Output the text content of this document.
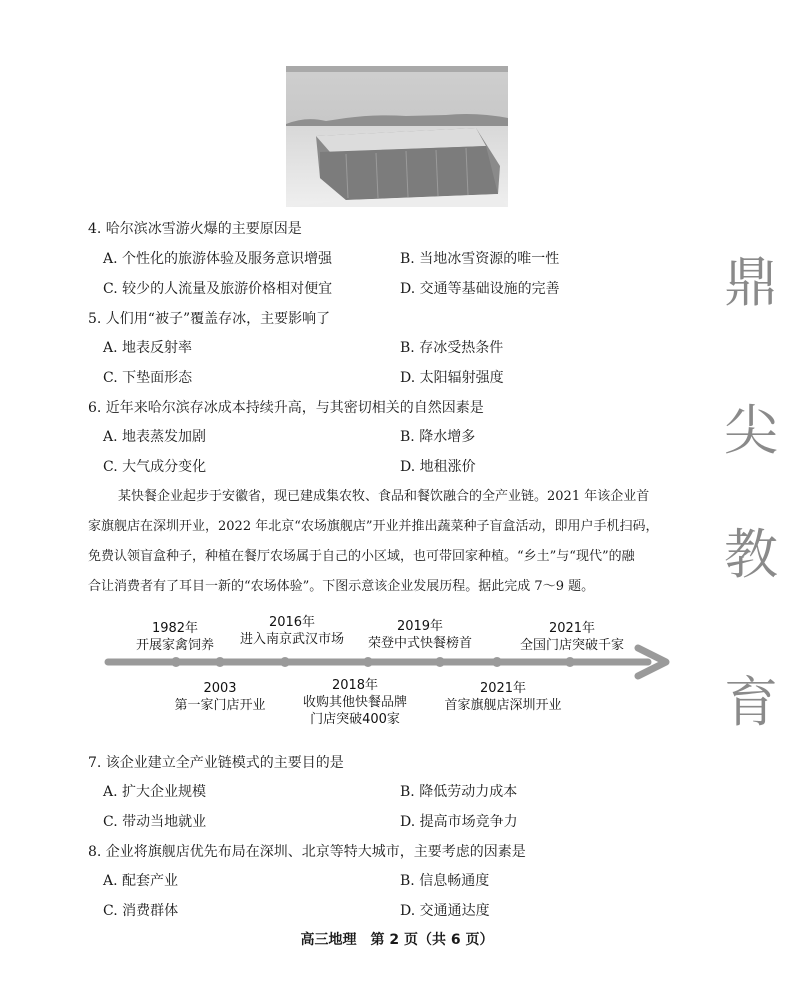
4. 哈尔滨冰雪游火爆的主要原因是
A. 个性化的旅游体验及服务意识增强	B. 当地冰雪资源的唯一性
C. 较少的人流量及旅游价格相对便宜	D. 交通等基础设施的完善
5. 人们用“被子”覆盖存冰，主要影响了
A. 地表反射率	B. 存冰受热条件
C. 下垫面形态	D. 太阳辐射强度
6. 近年来哈尔滨存冰成本持续升高，与其密切相关的自然因素是
A. 地表蒸发加剧	B. 降水增多
C. 大气成分变化	D. 地租涨价
某快餐企业起步于安徽省，现已建成集农牧、食品和餐饮融合的全产业链。2021 年该企业首
家旗舰店在深圳开业，2022 年北京“农场旗舰店”开业并推出蔬菜种子盲盒活动，即用户手机扫码，
免费认领盲盒种子，种植在餐厅农场属于自己的小区域，也可带回家种植。“乡土”与“现代”的融
合让消费者有了耳目一新的“农场体验”。下图示意该企业发展历程。据此完成 7～9 题。
1982年
开展家禽饲养
2016年
进入南京武汉市场
2019年
荣登中式快餐榜首
2021年
全国门店突破千家
2003
第一家门店开业
2018年
收购其他快餐品牌
门店突破400家
2021年
首家旗舰店深圳开业
7. 该企业建立全产业链模式的主要目的是
A. 扩大企业规模	B. 降低劳动力成本
C. 带动当地就业	D. 提高市场竞争力
8. 企业将旗舰店优先布局在深圳、北京等特大城市，主要考虑的因素是
A. 配套产业	B. 信息畅通度
C. 消费群体	D. 交通通达度
高三地理　第 2 页（共 6 页）
鼎
尖
教
育
